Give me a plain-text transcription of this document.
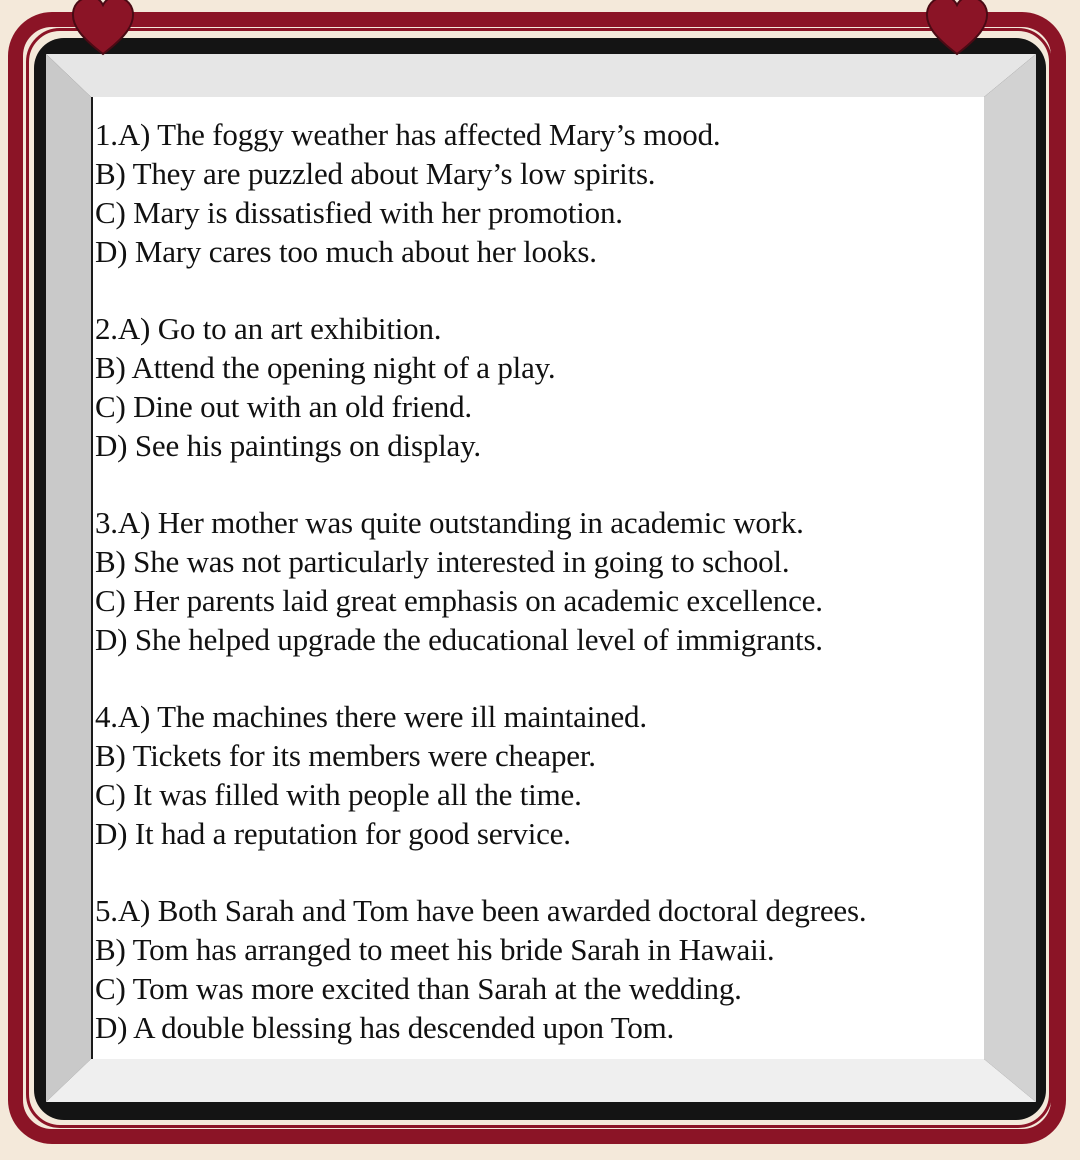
1.A) The foggy weather has affected Mary’s mood.
B) They are puzzled about Mary’s low spirits.
C) Mary is dissatisfied with her promotion.
D) Mary cares too much about her looks.
2.A) Go to an art exhibition.
B) Attend the opening night of a play.
C) Dine out with an old friend.
D) See his paintings on display.
3.A) Her mother was quite outstanding in academic work.
B) She was not particularly interested in going to school.
C) Her parents laid great emphasis on academic excellence.
D) She helped upgrade the educational level of immigrants.
4.A) The machines there were ill maintained.
B) Tickets for its members were cheaper.
C) It was filled with people all the time.
D) It had a reputation for good service.
5.A) Both Sarah and Tom have been awarded doctoral degrees.
B) Tom has arranged to meet his bride Sarah in Hawaii.
C) Tom was more excited than Sarah at the wedding.
D) A double blessing has descended upon Tom.
